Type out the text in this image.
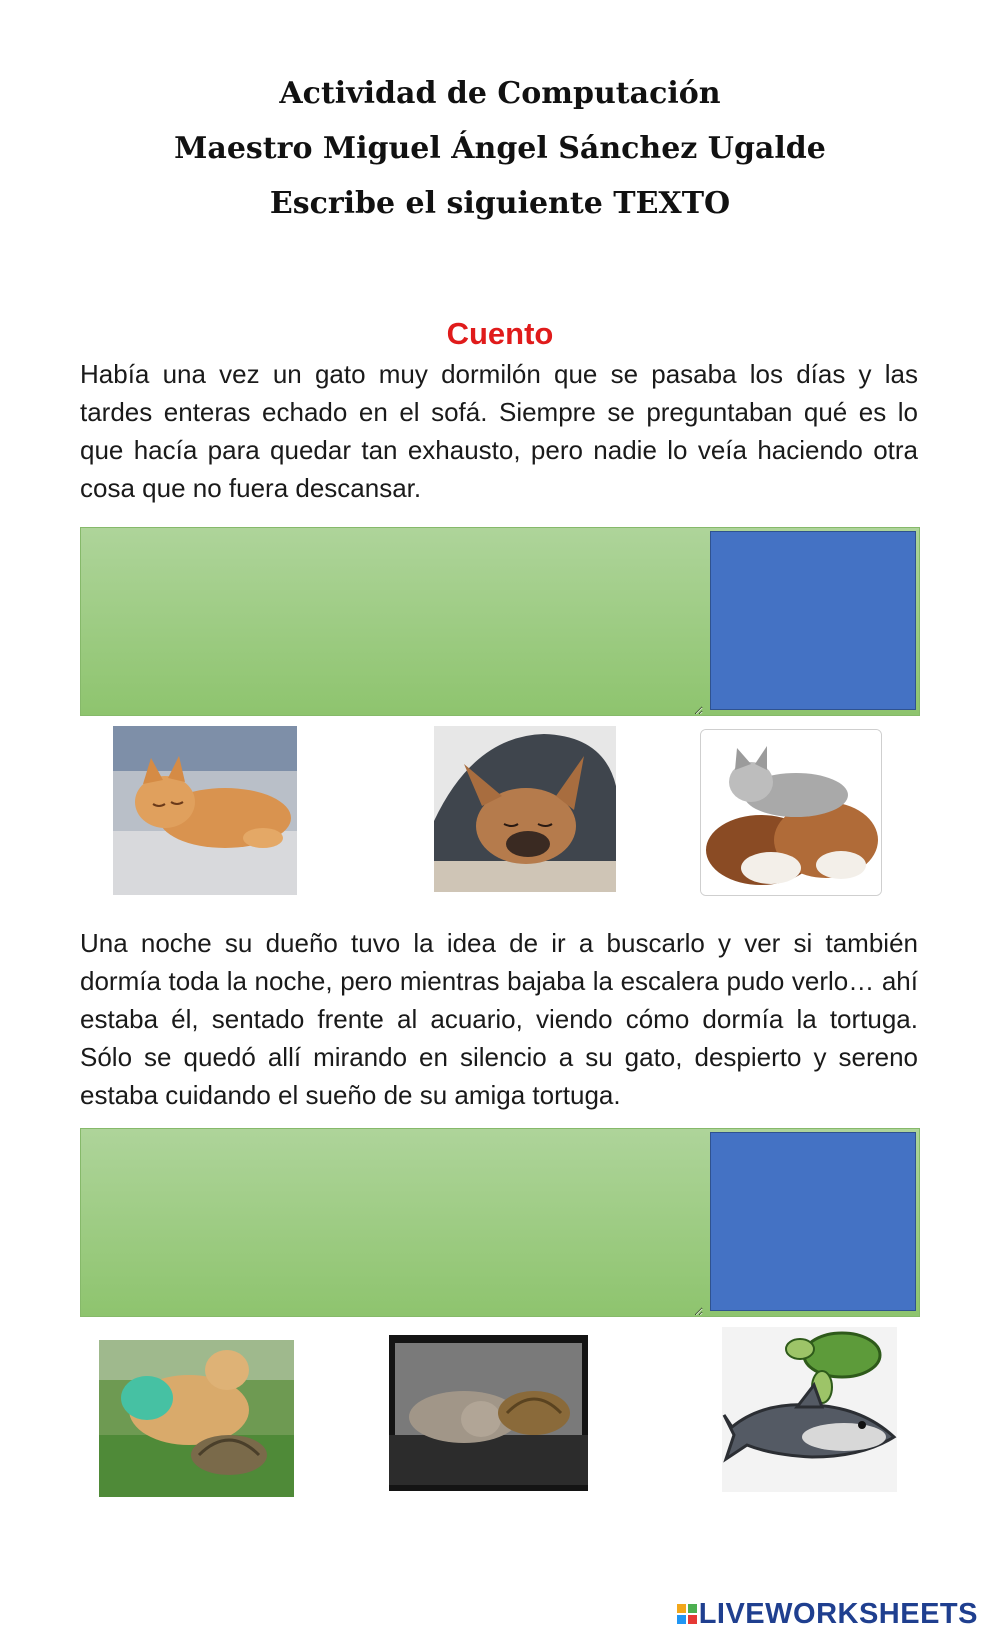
Actividad de Computación
Maestro Miguel Ángel Sánchez Ugalde
Escribe el siguiente TEXTO
Cuento
Había una vez un gato muy dormilón que se pasaba los días y las tardes enteras echado en el sofá. Siempre se preguntaban qué es lo que hacía para quedar tan exhausto, pero nadie lo veía haciendo otra cosa que no fuera descansar.
Una noche su dueño tuvo la idea de ir a buscarlo y ver si también dormía toda la noche, pero mientras bajaba la escalera pudo verlo… ahí estaba él, sentado frente al acuario, viendo cómo dormía la tortuga. Sólo se quedó allí mirando en silencio a su gato, despierto y sereno estaba cuidando el sueño de su amiga tortuga.
LIVEWORKSHEETS
